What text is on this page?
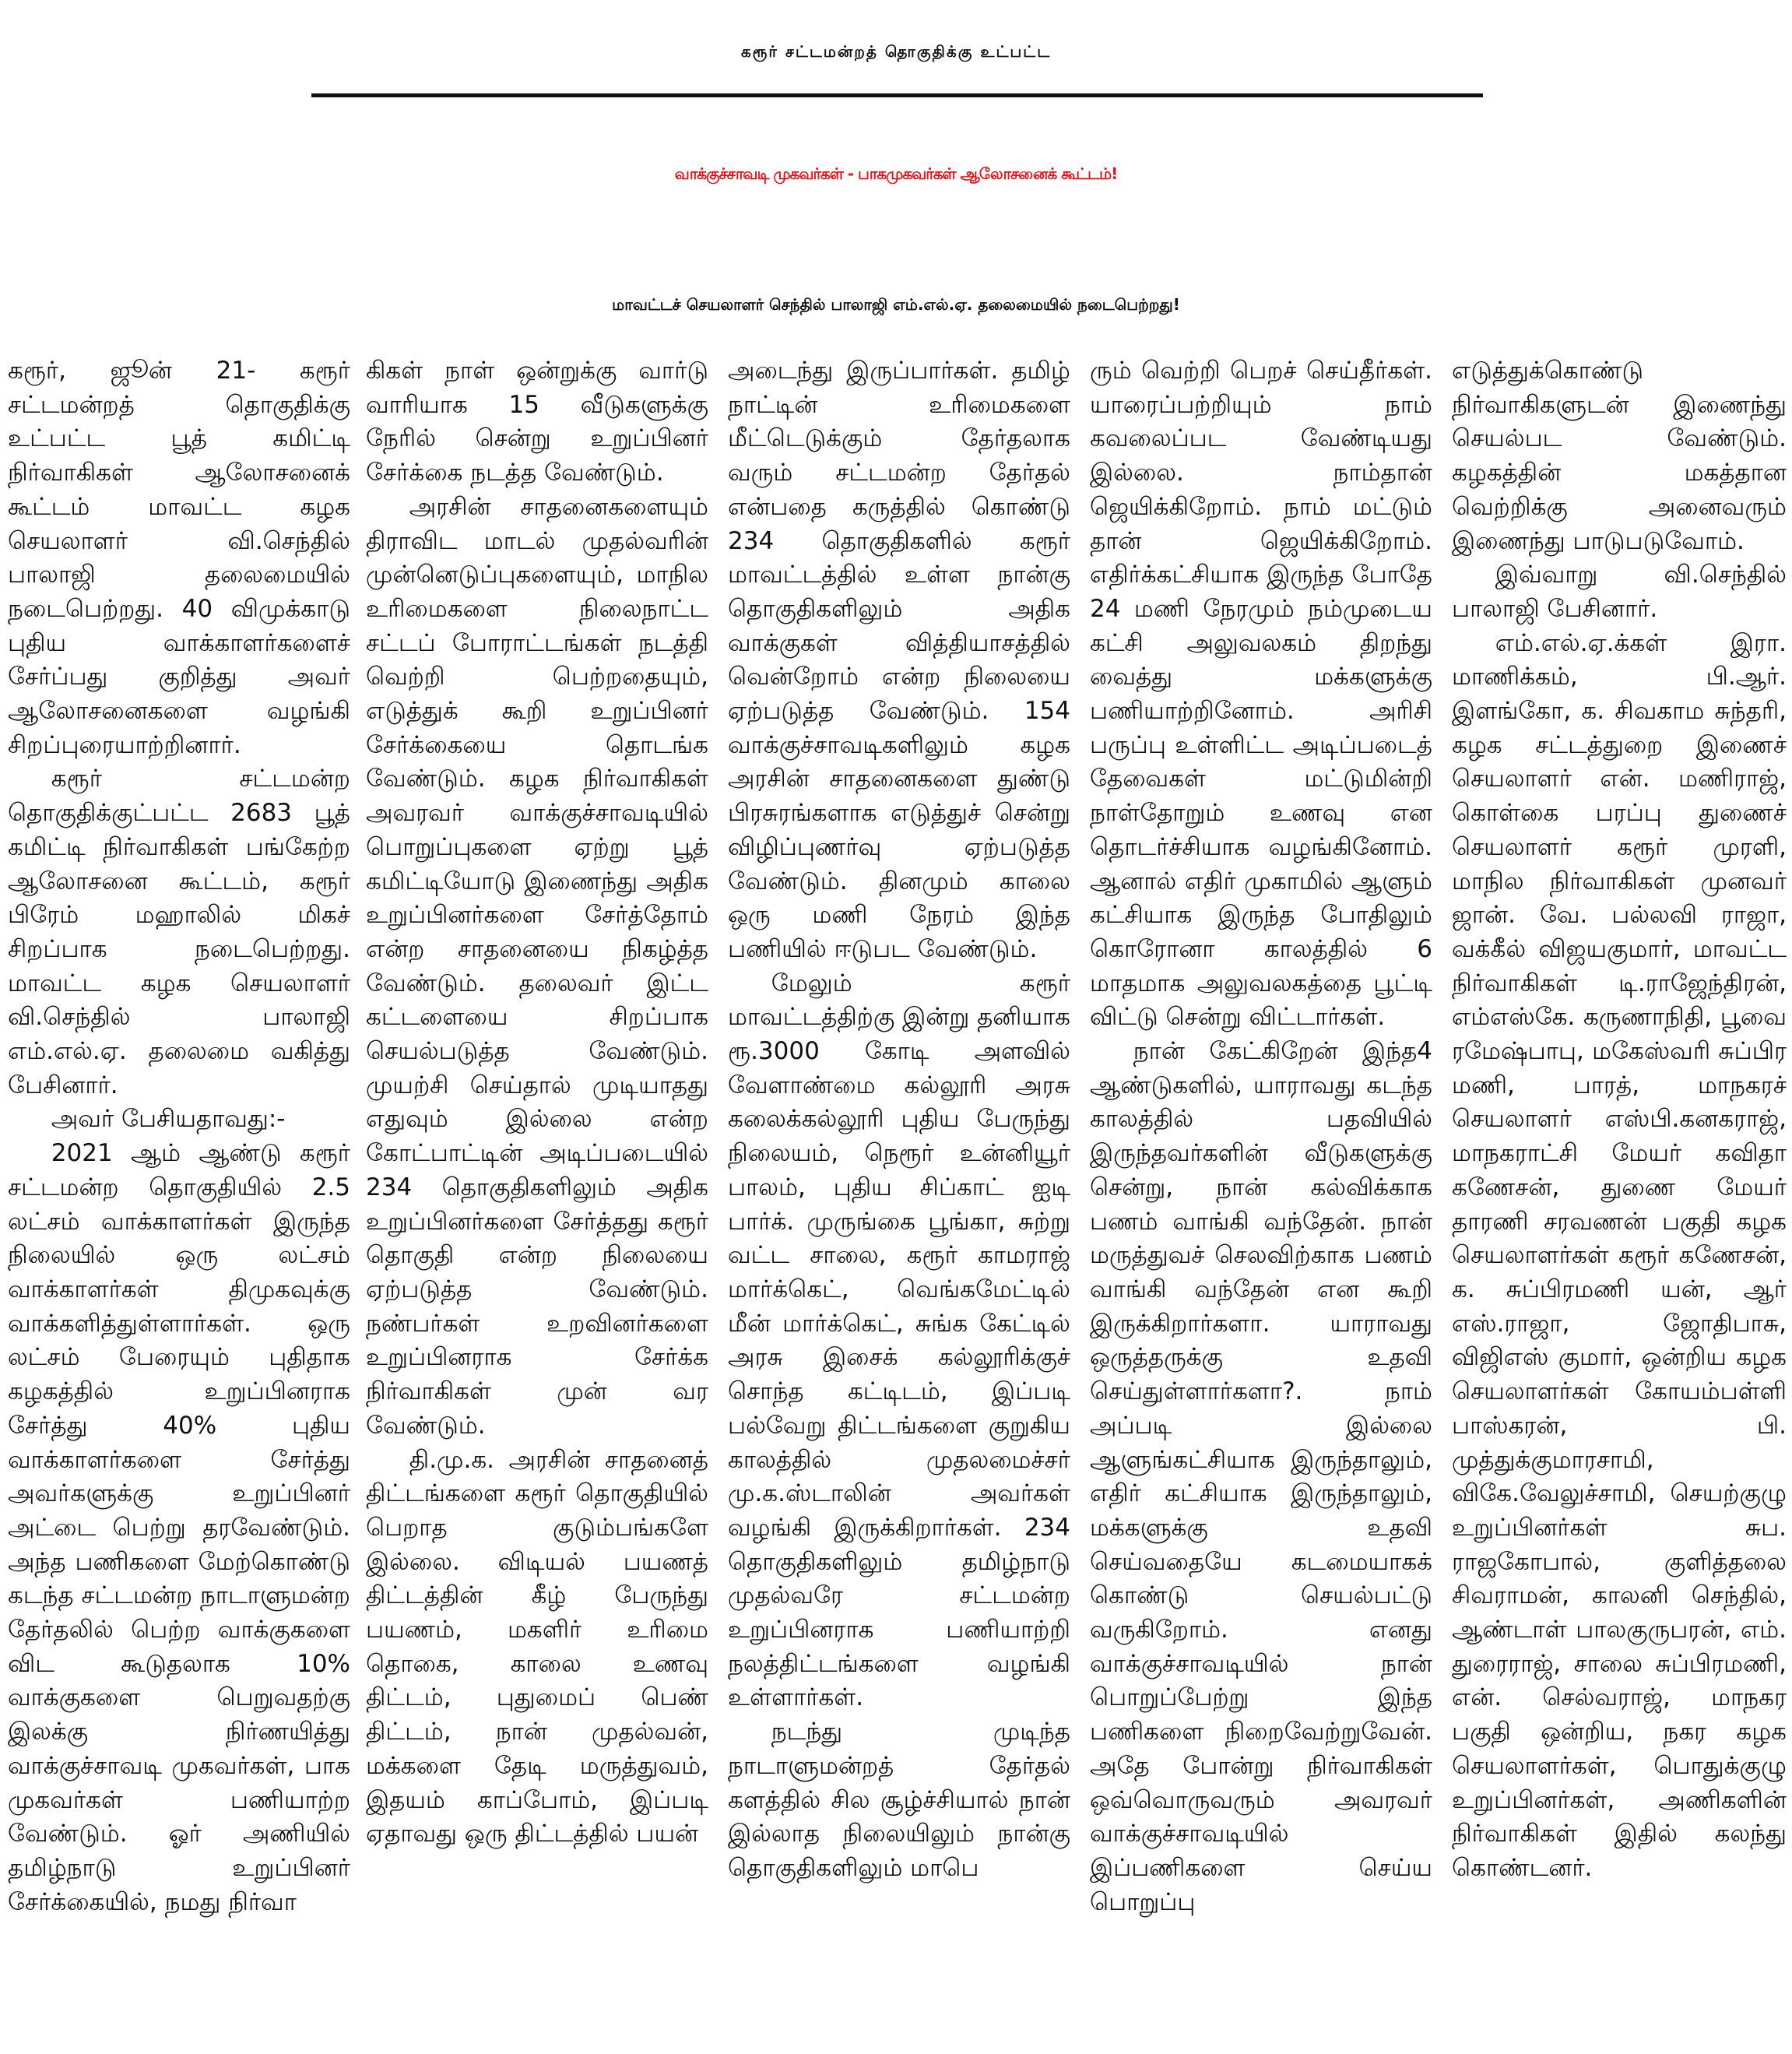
கரூர் சட்டமன்றத் தொகுதிக்கு உட்பட்ட
வாக்குச்சாவடி முகவர்கள் - பாகமுகவர்கள் ஆலோசனைக் கூட்டம்!
மாவட்டச் செயலாளர் செந்தில் பாலாஜி எம்.எல்.ஏ. தலைமையில் நடைபெற்றது!

கரூர், ஜூன் 21- கரூர் சட்டமன்றத் தொகுதிக்கு உட்பட்ட பூத் கமிட்டி நிர்வாகிகள் ஆலோசனைக் கூட்டம் மாவட்ட கழக செயலாளர் வி.செந்தில் பாலாஜி தலைமையில் நடைபெற்றது. 40 விமுக்காடு புதிய வாக்காளர்களைச் சேர்ப்பது குறித்து அவர் ஆலோசனைகளை வழங்கி சிறப்புரையாற்றினார்.

கரூர் சட்டமன்ற தொகுதிக்குட்பட்ட 2683 பூத் கமிட்டி நிர்வாகிகள் பங்கேற்ற ஆலோசனை கூட்டம், கரூர் பிரேம் மஹாலில் மிகச் சிறப்பாக நடைபெற்றது. மாவட்ட கழக செயலாளர் வி.செந்தில் பாலாஜி எம்.எல்.ஏ. தலைமை வகித்து பேசினார்.

அவர் பேசியதாவது:-

2021 ஆம் ஆண்டு கரூர் சட்டமன்ற தொகுதியில் 2.5 லட்சம் வாக்காளர்கள் இருந்த நிலையில் ஒரு லட்சம் வாக்காளர்கள் திமுகவுக்கு வாக்களித்துள்ளார்கள். ஒரு லட்சம் பேரையும் புதிதாக கழகத்தில் உறுப்பினராக சேர்த்து 40% புதிய வாக்காளர்களை சேர்த்து அவர்களுக்கு உறுப்பினர் அட்டை பெற்று தரவேண்டும். அந்த பணிகளை மேற்கொண்டு கடந்த சட்டமன்ற நாடாளுமன்ற தேர்தலில் பெற்ற வாக்குகளை விட கூடுதலாக 10% வாக்குகளை பெறுவதற்கு இலக்கு நிர்ணயித்து வாக்குச்சாவடி முகவர்கள், பாக முகவர்கள் பணியாற்ற வேண்டும். ஓர் அணியில் தமிழ்நாடு உறுப்பினர் சேர்க்கையில், நமது நிர்வா

கிகள் நாள் ஒன்றுக்கு வார்டு வாரியாக 15 வீடுகளுக்கு நேரில் சென்று உறுப்பினர் சேர்க்கை நடத்த வேண்டும்.

அரசின் சாதனைகளையும் திராவிட மாடல் முதல்வரின் முன்னெடுப்புகளையும், மாநில உரிமைகளை நிலைநாட்ட சட்டப் போராட்டங்கள் நடத்தி வெற்றி பெற்றதையும், எடுத்துக் கூறி உறுப்பினர் சேர்க்கையை தொடங்க வேண்டும். கழக நிர்வாகிகள் அவரவர் வாக்குச்சாவடியில் பொறுப்புகளை ஏற்று பூத் கமிட்டியோடு இணைந்து அதிக உறுப்பினர்களை சேர்த்தோம் என்ற சாதனையை நிகழ்த்த வேண்டும். தலைவர் இட்ட கட்டளையை சிறப்பாக செயல்படுத்த வேண்டும். முயற்சி செய்தால் முடியாதது எதுவும் இல்லை என்ற கோட்பாட்டின் அடிப்படையில் 234 தொகுதிகளிலும் அதிக உறுப்பினர்களை சேர்த்தது கரூர் தொகுதி என்ற நிலையை ஏற்படுத்த வேண்டும். நண்பர்கள் உறவினர்களை உறுப்பினராக சேர்க்க நிர்வாகிகள் முன் வர வேண்டும்.

தி.மு.க. அரசின் சாதனைத் திட்டங்களை கரூர் தொகுதியில் பெறாத குடும்பங்களே இல்லை. விடியல் பயணத் திட்டத்தின் கீழ் பேருந்து பயணம், மகளிர் உரிமை தொகை, காலை உணவு திட்டம், புதுமைப் பெண் திட்டம், நான் முதல்வன், மக்களை தேடி மருத்துவம், இதயம் காப்போம், இப்படி ஏதாவது ஒரு திட்டத்தில் பயன்

அடைந்து இருப்பார்கள். தமிழ் நாட்டின் உரிமைகளை மீட்டெடுக்கும் தேர்தலாக வரும் சட்டமன்ற தேர்தல் என்பதை கருத்தில் கொண்டு 234 தொகுதிகளில் கரூர் மாவட்டத்தில் உள்ள நான்கு தொகுதிகளிலும் அதிக வாக்குகள் வித்தியாசத்தில் வென்றோம் என்ற நிலையை ஏற்படுத்த வேண்டும். 154 வாக்குச்சாவடிகளிலும் கழக அரசின் சாதனைகளை துண்டு பிரசுரங்களாக எடுத்துச் சென்று விழிப்புணர்வு ஏற்படுத்த வேண்டும். தினமும் காலை ஒரு மணி நேரம் இந்த பணியில் ஈடுபட வேண்டும்.

மேலும் கரூர் மாவட்டத்திற்கு இன்று தனியாக ரூ.3000 கோடி அளவில் வேளாண்மை கல்லூரி அரசு கலைக்கல்லூரி புதிய பேருந்து நிலையம், நெரூர் உன்னியூர் பாலம், புதிய சிப்காட் ஐடி பார்க். முருங்கை பூங்கா, சுற்று வட்ட சாலை, கரூர் காமராஜ் மார்க்கெட், வெங்கமேட்டில் மீன் மார்க்கெட், சுங்க கேட்டில் அரசு இசைக் கல்லூரிக்குச் சொந்த கட்டிடம், இப்படி பல்வேறு திட்டங்களை குறுகிய காலத்தில் முதலமைச்சர் மு.க.ஸ்டாலின் அவர்கள் வழங்கி இருக்கிறார்கள். 234 தொகுதிகளிலும் தமிழ்நாடு முதல்வரே சட்டமன்ற உறுப்பினராக பணியாற்றி நலத்திட்டங்களை வழங்கி உள்ளார்கள்.

நடந்து முடிந்த நாடாளுமன்றத் தேர்தல் களத்தில் சில சூழ்ச்சியால் நான் இல்லாத நிலையிலும் நான்கு தொகுதிகளிலும் மாபெ

ரும் வெற்றி பெறச் செய்தீர்கள். யாரைப்பற்றியும் நாம் கவலைப்பட வேண்டியது இல்லை. நாம்தான் ஜெயிக்கிறோம். நாம் மட்டும் தான் ஜெயிக்கிறோம். எதிர்க்கட்சியாக இருந்த போதே 24 மணி நேரமும் நம்முடைய கட்சி அலுவலகம் திறந்து வைத்து மக்களுக்கு பணியாற்றினோம். அரிசி பருப்பு உள்ளிட்ட அடிப்படைத் தேவைகள் மட்டுமின்றி நாள்தோறும் உணவு என தொடர்ச்சியாக வழங்கினோம். ஆனால் எதிர் முகாமில் ஆளும் கட்சியாக இருந்த போதிலும் கொரோனா காலத்தில் 6 மாதமாக அலுவலகத்தை பூட்டி விட்டு சென்று விட்டார்கள்.

நான் கேட்கிறேன் இந்த4 ஆண்டுகளில், யாராவது கடந்த காலத்தில் பதவியில் இருந்தவர்களின் வீடுகளுக்கு சென்று, நான் கல்விக்காக பணம் வாங்கி வந்தேன். நான் மருத்துவச் செலவிற்காக பணம் வாங்கி வந்தேன் என கூறி இருக்கிறார்களா. யாராவது ஒருத்தருக்கு உதவி செய்துள்ளார்களா?. நாம் அப்படி இல்லை ஆளுங்கட்சியாக இருந்தாலும், எதிர் கட்சியாக இருந்தாலும், மக்களுக்கு உதவி செய்வதையே கடமையாகக் கொண்டு செயல்பட்டு வருகிறோம். எனது வாக்குச்சாவடியில் நான் பொறுப்பேற்று இந்த பணிகளை நிறைவேற்றுவேன். அதே போன்று நிர்வாகிகள் ஒவ்வொருவரும் அவரவர் வாக்குச்சாவடியில் இப்பணிகளை செய்ய பொறுப்பு

எடுத்துக்கொண்டு நிர்வாகிகளுடன் இணைந்து செயல்பட வேண்டும். கழகத்தின் மகத்தான வெற்றிக்கு அனைவரும் இணைந்து பாடுபடுவோம்.

இவ்வாறு வி.செந்தில் பாலாஜி பேசினார்.

எம்.எல்.ஏ.க்கள் இரா. மாணிக்கம், பி.ஆர். இளங்கோ, க. சிவகாம சுந்தரி, கழக சட்டத்துறை இணைச் செயலாளர் என். மணிராஜ், கொள்கை பரப்பு துணைச் செயலாளர் கரூர் முரளி, மாநில நிர்வாகிகள் முனவர் ஜான். வே. பல்லவி ராஜா, வக்கீல் விஜயகுமார், மாவட்ட நிர்வாகிகள் டி.ராஜேந்திரன், எம்எஸ்கே. கருணாநிதி, பூவை ரமேஷ்பாபு, மகேஸ்வரி சுப்பிர மணி, பாரத், மாநகரச் செயலாளர் எஸ்பி.கனகராஜ், மாநகராட்சி மேயர் கவிதா கணேசன், துணை மேயர் தாரணி சரவணன் பகுதி கழக செயலாளர்கள் கரூர் கணேசன், க. சுப்பிரமணி யன், ஆர் எஸ்.ராஜா, ஜோதிபாசு, விஜிஎஸ் குமார், ஒன்றிய கழக செயலாளர்கள் கோயம்பள்ளி பாஸ்கரன், பி. முத்துக்குமாரசாமி, விகே.வேலுச்சாமி, செயற்குழு உறுப்பினர்கள் சுப. ராஜகோபால், குளித்தலை சிவராமன், காலனி செந்தில், ஆண்டாள் பாலகுருபரன், எம். துரைராஜ், சாலை சுப்பிரமணி, என். செல்வராஜ், மாநகர பகுதி ஒன்றிய, நகர கழக செயலாளர்கள், பொதுக்குழு உறுப்பினர்கள், அணிகளின் நிர்வாகிகள் இதில் கலந்து கொண்டனர்.
